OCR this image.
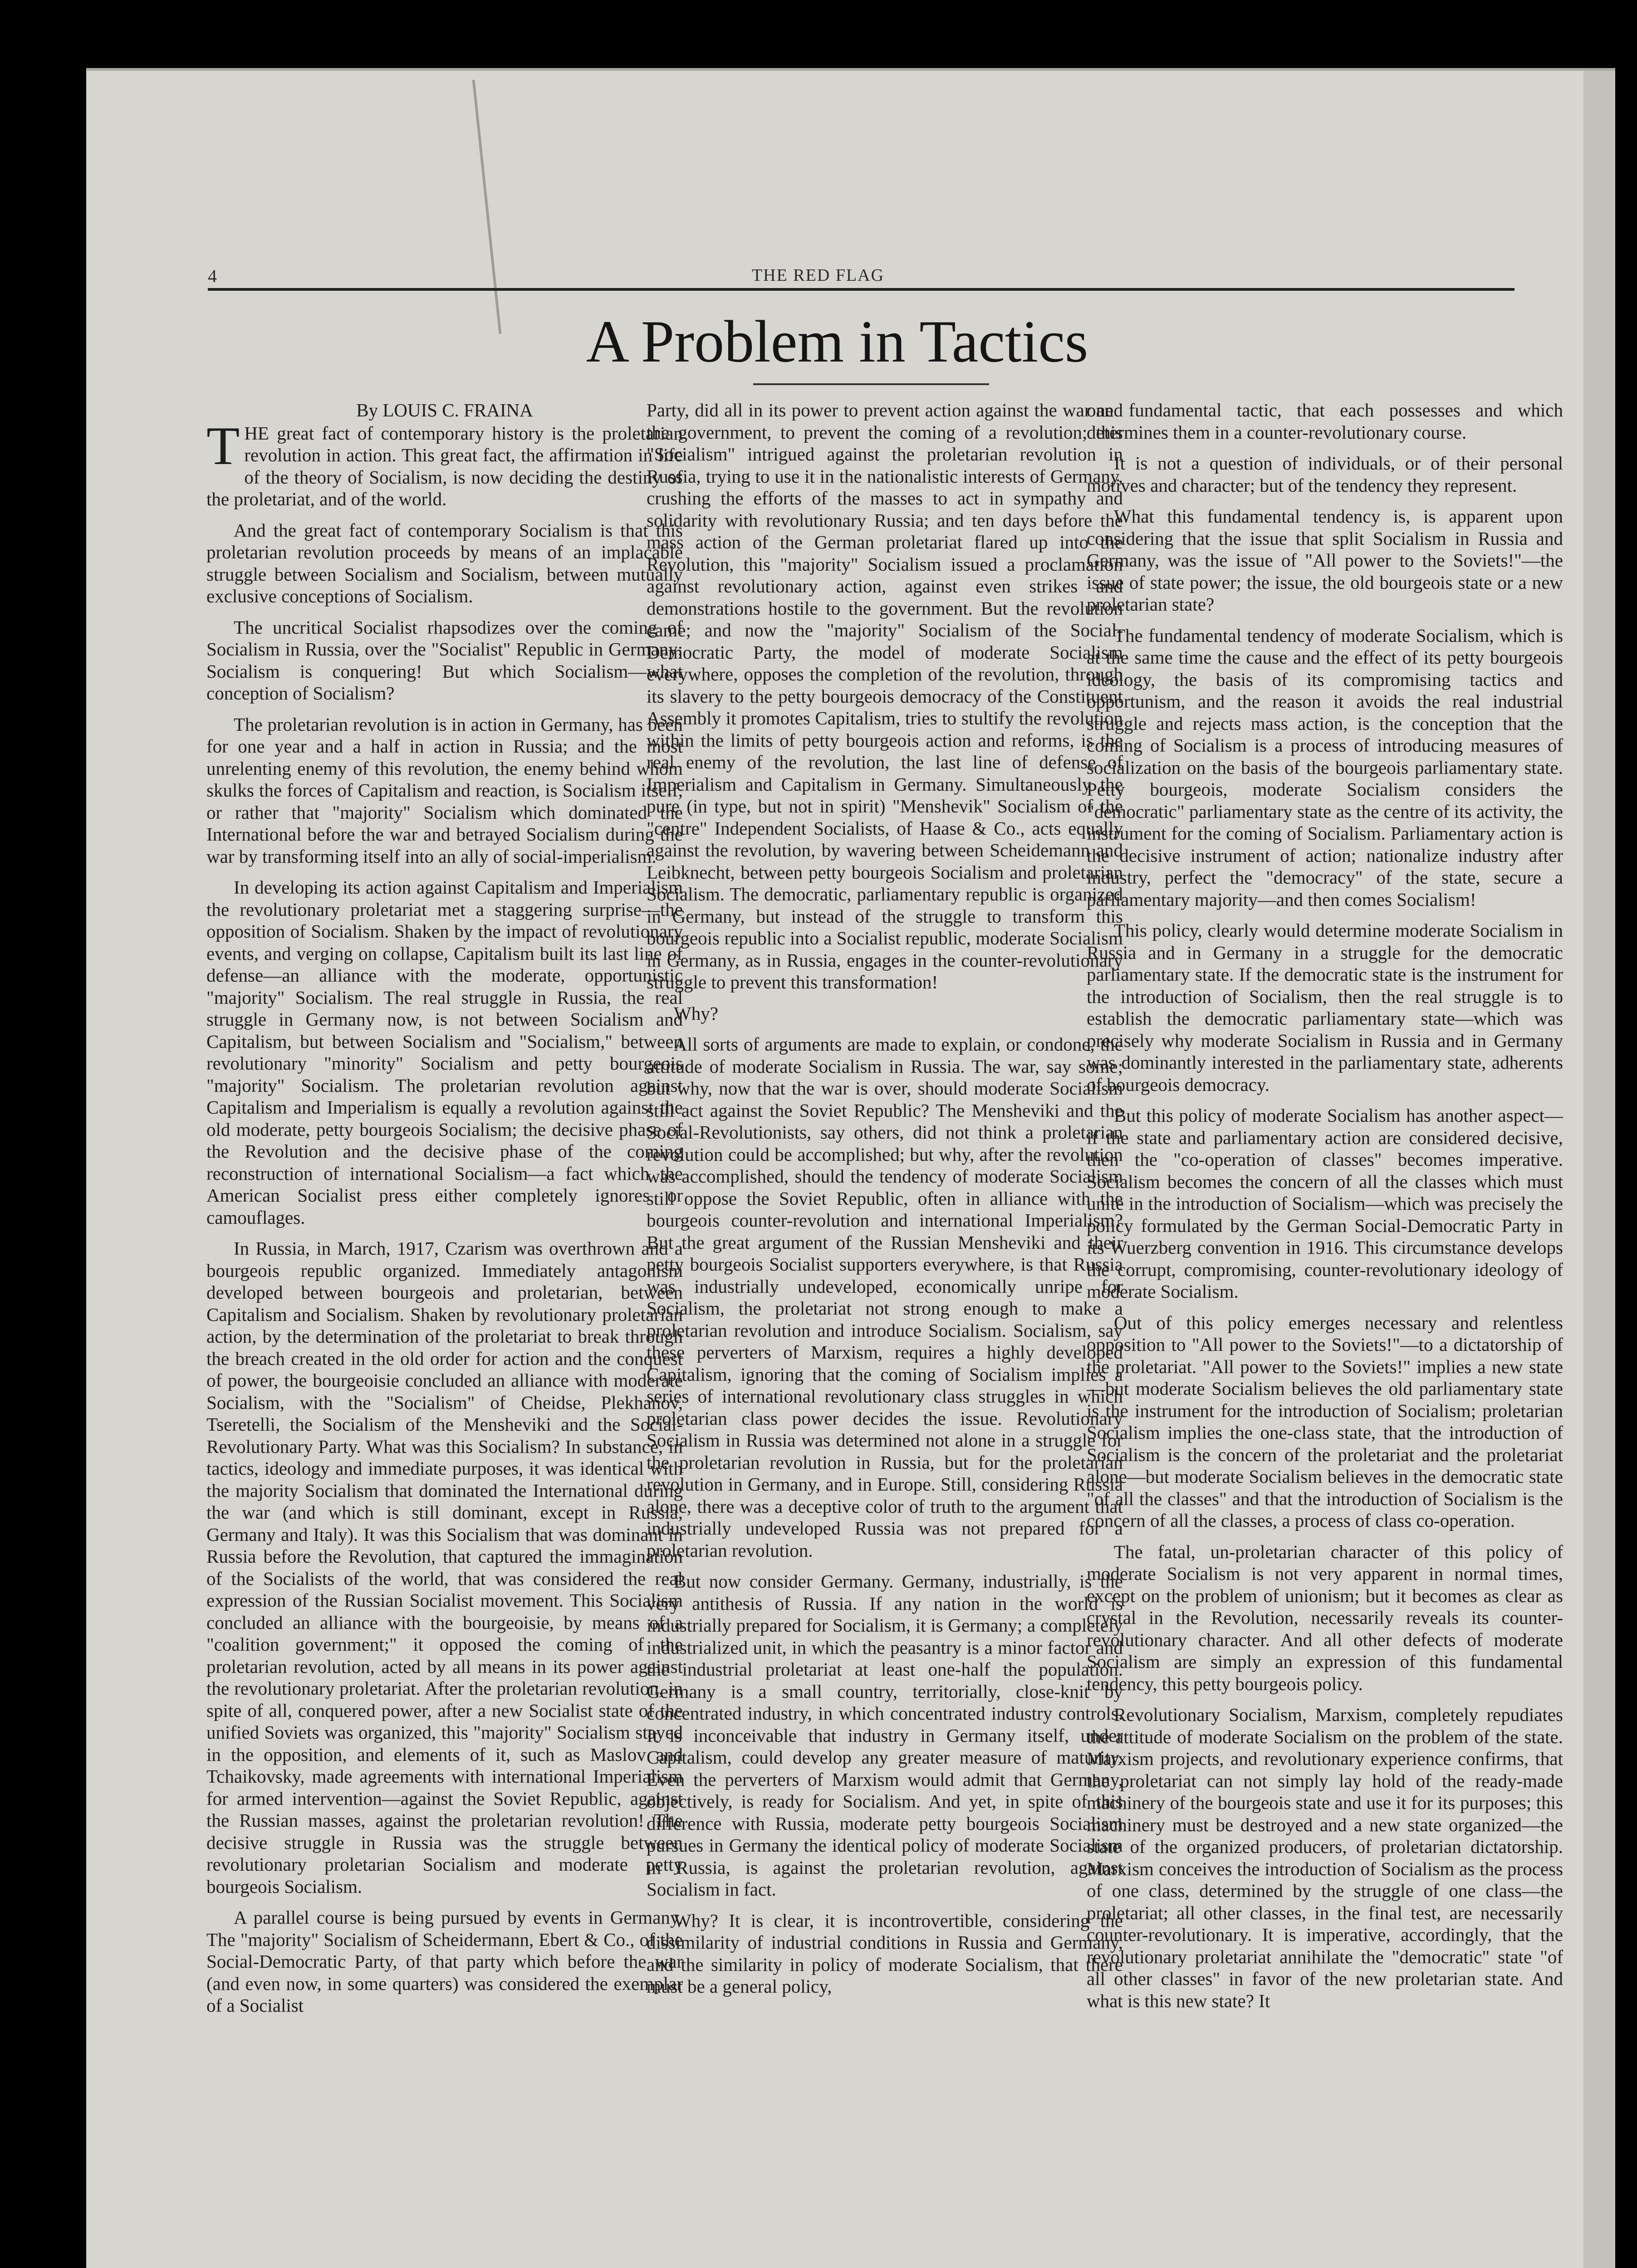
4	THE RED FLAG
A Problem in Tactics
By LOUIS C. FRAINA

THE great fact of contemporary history is the proletarian revolution in action. This great fact, the affirmation in life of the theory of Socialism, is now deciding the destiny of the proletariat, and of the world.

And the great fact of contemporary Socialism is that this proletarian revolution proceeds by means of an implacable struggle between Socialism and Socialism, between mutually exclusive conceptions of Socialism.

The uncritical Socialist rhapsodizes over the coming of Socialism in Russia, over the "Socialist" Republic in Germany; Socialism is conquering! But which Socialism—what conception of Socialism?

The proletarian revolution is in action in Germany, has been for one year and a half in action in Russia; and the most unrelenting enemy of this revolution, the enemy behind whom skulks the forces of Capitalism and reaction, is Socialism itself, or rather that "majority" Socialism which dominated the International before the war and betrayed Socialism during the war by transforming itself into an ally of social-imperialism.

In developing its action against Capitalism and Imperialism the revolutionary proletariat met a staggering surprise—the opposition of Socialism. Shaken by the impact of revolutionary events, and verging on collapse, Capitalism built its last line of defense—an alliance with the moderate, opportunistic "majority" Socialism. The real struggle in Russia, the real struggle in Germany now, is not between Socialism and Capitalism, but between Socialism and "Socialism," between revolutionary "minority" Socialism and petty bourgeois "majority" Socialism. The proletarian revolution against Capitalism and Imperialism is equally a revolution against the old moderate, petty bourgeois Socialism; the decisive phase of the Revolution and the decisive phase of the coming reconstruction of international Socialism—a fact which the American Socialist press either completely ignores or camouflages.

In Russia, in March, 1917, Czarism was overthrown and a bourgeois republic organized. Immediately antagonism developed between bourgeois and proletarian, between Capitalism and Socialism. Shaken by revolutionary proletarian action, by the determination of the proletariat to break through the breach created in the old order for action and the conquest of power, the bourgeoisie concluded an alliance with moderate Socialism, with the "Socialism" of Cheidse, Plekhanov, Tseretelli, the Socialism of the Mensheviki and the Social-Revolutionary Party. What was this Socialism? In substance, in tactics, ideology and immediate purposes, it was identical with the majority Socialism that dominated the International during the war (and which is still dominant, except in Russia, Germany and Italy). It was this Socialism that was dominant in Russia before the Revolution, that captured the immagination of the Socialists of the world, that was considered the real expression of the Russian Socialist movement. This Socialism concluded an alliance with the bourgeoisie, by means of a "coalition government;" it opposed the coming of the proletarian revolution, acted by all means in its power against the revolutionary proletariat. After the proletarian revolution, in spite of all, conquered power, after a new Socialist state of the unified Soviets was organized, this "majority" Socialism stayed in the opposition, and elements of it, such as Maslov and Tchaikovsky, made agreements with international Imperialism for armed intervention—against the Soviet Republic, against the Russian masses, against the proletarian revolution! The decisive struggle in Russia was the struggle between revolutionary proletarian Socialism and moderate petty bourgeois Socialism.

A parallel course is being pursued by events in Germany. The "majority" Socialism of Scheidermann, Ebert & Co., of the Social-Democratic Party, of that party which before the war (and even now, in some quarters) was considered the exemplar of a Socialist

Party, did all in its power to prevent action against the war and the government, to prevent the coming of a revolution; this "Socialism" intrigued against the proletarian revolution in Russia, trying to use it in the nationalistic interests of Germany, crushing the efforts of the masses to act in sympathy and solidarity with revolutionary Russia; and ten days before the mass action of the German proletariat flared up into the Revolution, this "majority" Socialism issued a proclamation against revolutionary action, against even strikes and demonstrations hostile to the government. But the revolution came; and now the "majority" Socialism of the Social-Democratic Party, the model of moderate Socialism everywhere, opposes the completion of the revolution, through its slavery to the petty bourgeois democracy of the Constituent Assembly it promotes Capitalism, tries to stultify the revolution within the limits of petty bourgeois action and reforms, is the real enemy of the revolution, the last line of defense of Imperialism and Capitalism in Germany. Simultaneously the pure (in type, but not in spirit) "Menshevik" Socialism of the "centre" Independent Socialists, of Haase & Co., acts equally against the revolution, by wavering between Scheidemann and Leibknecht, between petty bourgeois Socialism and proletarian Socialism. The democratic, parliamentary republic is organized in Germany, but instead of the struggle to transform this bourgeois republic into a Socialist republic, moderate Socialism in Germany, as in Russia, engages in the counter-revolutionary struggle to prevent this transformation!

Why?

All sorts of arguments are made to explain, or condone, the attitude of moderate Socialism in Russia. The war, say some; but why, now that the war is over, should moderate Socialism still act against the Soviet Republic? The Mensheviki and the Social-Revolutionists, say others, did not think a proletarian revolution could be accomplished; but why, after the revolution was accomplished, should the tendency of moderate Socialism still oppose the Soviet Republic, often in alliance with the bourgeois counter-revolution and international Imperialism? But the great argument of the Russian Mensheviki and their petty bourgeois Socialist supporters everywhere, is that Russia was industrially undeveloped, economically unripe for Socialism, the proletariat not strong enough to make a proletarian revolution and introduce Socialism. Socialism, say these perverters of Marxism, requires a highly developed Capitalism, ignoring that the coming of Socialism implies a series of international revolutionary class struggles in which proletarian class power decides the issue. Revolutionary Socialism in Russia was determined not alone in a struggle for the proletarian revolution in Russia, but for the proletarian revolution in Germany, and in Europe. Still, considering Russia alone, there was a deceptive color of truth to the argument that industrially undeveloped Russia was not prepared for a proletarian revolution.

But now consider Germany. Germany, industrially, is the very antithesis of Russia. If any nation in the world is industrially prepared for Socialism, it is Germany; a completely industrialized unit, in which the peasantry is a minor factor and the industrial proletariat at least one-half the population. Germany is a small country, territorially, close-knit by concentrated industry, in which concentrated industry controls. It is inconceivable that industry in Germany itself, under Capitalism, could develop any greater measure of maturity. Even the perverters of Marxism would admit that Germany, objectively, is ready for Socialism. And yet, in spite of this difference with Russia, moderate petty bourgeois Socialism pursues in Germany the identical policy of moderate Socialism in Russia, is against the proletarian revolution, against Socialism in fact.

Why? It is clear, it is incontrovertible, considering the dissimilarity of industrial conditions in Russia and Germany, and the similarity in policy of moderate Socialism, that there must be a general policy,

one fundamental tactic, that each possesses and which determines them in a counter-revolutionary course.

It is not a question of individuals, or of their personal motives and character; but of the tendency they represent.

What this fundamental tendency is, is apparent upon considering that the issue that split Socialism in Russia and Germany, was the issue of "All power to the Soviets!"—the issue of state power; the issue, the old bourgeois state or a new proletarian state?

The fundamental tendency of moderate Socialism, which is at the same time the cause and the effect of its petty bourgeois ideology, the basis of its compromising tactics and opportunism, and the reason it avoids the real industrial struggle and rejects mass action, is the conception that the coming of Socialism is a process of introducing measures of socialization on the basis of the bourgeois parliamentary state. Petty bourgeois, moderate Socialism considers the "democratic" parliamentary state as the centre of its activity, the instrument for the coming of Socialism. Parliamentary action is the decisive instrument of action; nationalize industry after industry, perfect the "democracy" of the state, secure a parliamentary majority—and then comes Socialism!

This policy, clearly would determine moderate Socialism in Russia and in Germany in a struggle for the democratic parliamentary state. If the democratic state is the instrument for the introduction of Socialism, then the real struggle is to establish the democratic parliamentary state—which was precisely why moderate Socialism in Russia and in Germany was dominantly interested in the parliamentary state, adherents of bourgeois democracy.

But this policy of moderate Socialism has another aspect—if the state and parliamentary action are considered decisive, then the "co-operation of classes" becomes imperative. Socialism becomes the concern of all the classes which must unite in the introduction of Socialism—which was precisely the policy formulated by the German Social-Democratic Party in its Wuerzberg convention in 1916. This circumstance develops the corrupt, compromising, counter-revolutionary ideology of moderate Socialism.

Out of this policy emerges necessary and relentless opposition to "All power to the Soviets!"—to a dictatorship of the proletariat. "All power to the Soviets!" implies a new state—but moderate Socialism believes the old parliamentary state is the instrument for the introduction of Socialism; proletarian Socialism implies the one-class state, that the introduction of Socialism is the concern of the proletariat and the proletariat alone—but moderate Socialism believes in the democratic state "of all the classes" and that the introduction of Socialism is the concern of all the classes, a process of class co-operation.

The fatal, un-proletarian character of this policy of moderate Socialism is not very apparent in normal times, except on the problem of unionism; but it becomes as clear as crystal in the Revolution, necessarily reveals its counter-revolutionary character. And all other defects of moderate Socialism are simply an expression of this fundamental tendency, this petty bourgeois policy.

Revolutionary Socialism, Marxism, completely repudiates the attitude of moderate Socialism on the problem of the state. Marxism projects, and revolutionary experience confirms, that the proletariat can not simply lay hold of the ready-made machinery of the bourgeois state and use it for its purposes; this machinery must be destroyed and a new state organized—the state of the organized producers, of proletarian dictatorship. Marxism conceives the introduction of Socialism as the process of one class, determined by the struggle of one class—the proletariat; all other classes, in the final test, are necessarily counter-revolutionary. It is imperative, accordingly, that the revolutionary proletariat annihilate the "democratic" state "of all other classes" in favor of the new proletarian state. And what is this new state? It
